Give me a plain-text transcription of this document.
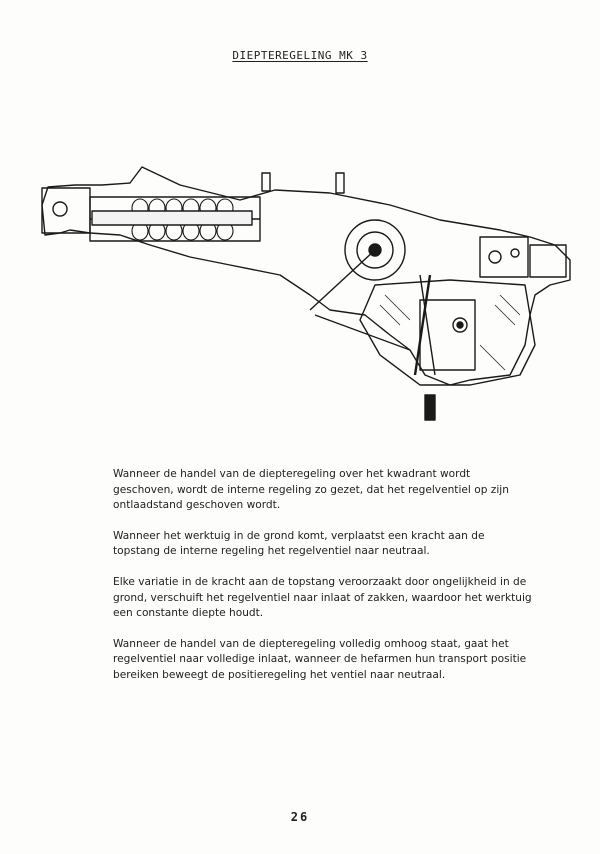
DIEPTEREGELING MK 3

Wanneer de handel van de diepteregeling over het kwadrant wordt geschoven, wordt de interne regeling zo gezet, dat het regelventiel op zijn ontlaadstand geschoven wordt.

Wanneer het werktuig in de grond komt, verplaatst een kracht aan de topstang de interne regeling het regelventiel naar neutraal.

Elke variatie in de kracht aan de topstang veroorzaakt door ongelijkheid in de grond, verschuift het regelventiel naar inlaat of zakken, waardoor het werktuig een constante diepte houdt.

Wanneer de handel van de diepteregeling volledig omhoog staat, gaat het regelventiel naar volledige inlaat, wanneer de hefarmen hun transport positie bereiken beweegt de positieregeling het ventiel naar neutraal.

26
